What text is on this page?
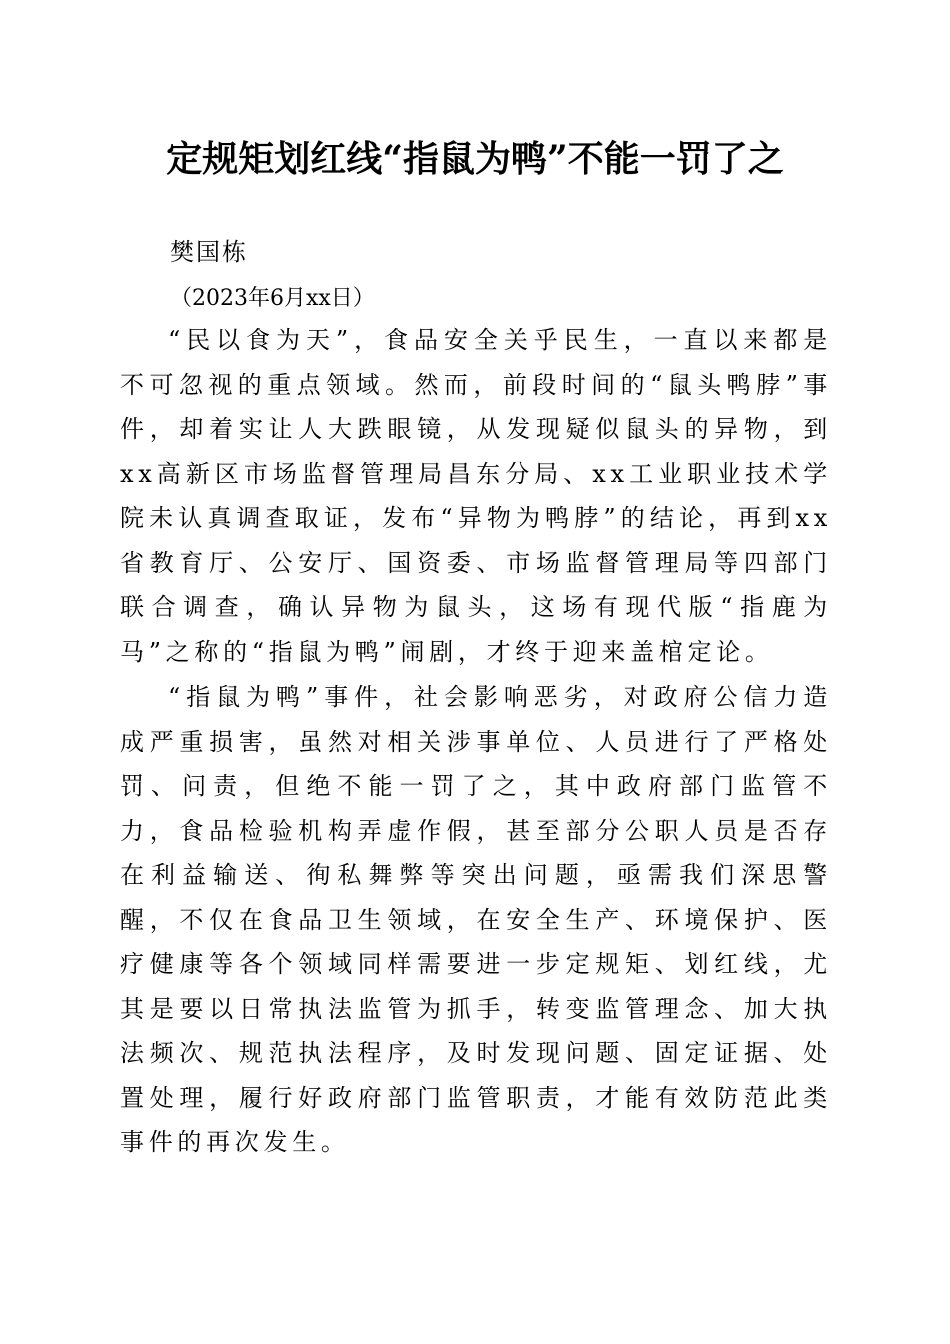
定规矩划红线“指鼠为鸭”不能一罚了之

樊国栋

（2023年6月xx日）

“民以食为天”，食品安全关乎民生，一直以来都是不可忽视的重点领域。然而，前段时间的“鼠头鸭脖”事件，却着实让人大跌眼镜，从发现疑似鼠头的异物，到xx高新区市场监督管理局昌东分局、xx工业职业技术学院未认真调查取证，发布“异物为鸭脖”的结论，再到xx省教育厅、公安厅、国资委、市场监督管理局等四部门联合调查，确认异物为鼠头，这场有现代版“指鹿为马”之称的“指鼠为鸭”闹剧，才终于迎来盖棺定论。

“指鼠为鸭”事件，社会影响恶劣，对政府公信力造成严重损害，虽然对相关涉事单位、人员进行了严格处罚、问责，但绝不能一罚了之，其中政府部门监管不力，食品检验机构弄虚作假，甚至部分公职人员是否存在利益输送、徇私舞弊等突出问题，亟需我们深思警醒，不仅在食品卫生领域，在安全生产、环境保护、医疗健康等各个领域同样需要进一步定规矩、划红线，尤其是要以日常执法监管为抓手，转变监管理念、加大执法频次、规范执法程序，及时发现问题、固定证据、处置处理，履行好政府部门监管职责，才能有效防范此类事件的再次发生。
